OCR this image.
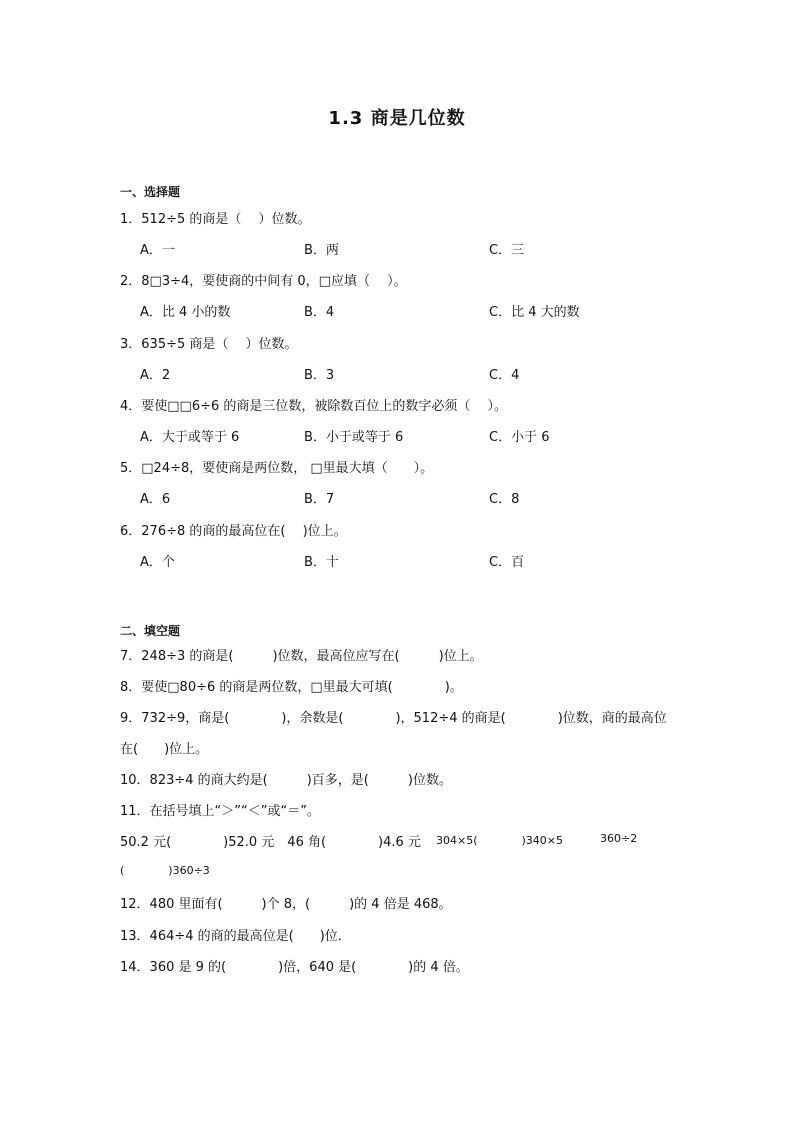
1.3 商是几位数
一、选择题
1．512÷5 的商是（　 ）位数。
A．一	B．两	C．三
2．8□3÷4，要使商的中间有 0，□应填（　 ）。
A．比 4 小的数	B．4	C．比 4 大的数
3．635÷5 商是（　 ）位数。
A．2	B．3	C．4
4．要使□□6÷6 的商是三位数，被除数百位上的数字必须（　 ）。
A．大于或等于 6	B．小于或等于 6	C．小于 6
5．□24÷8，要使商是两位数， □里最大填（　　）。
A．6	B．7	C．8
6．276÷8 的商的最高位在(　 )位上。
A．个	B．十	C．百
二、填空题
7．248÷3 的商是(　　　)位数，最高位应写在(　　　)位上。
8．要使□80÷6 的商是两位数，□里最大可填(　　　　)。
9．732÷9，商是(　　　　)，余数是(　　　　)，512÷4 的商是(　　　　)位数，商的最高位
在(　　)位上。
10．823÷4 的商大约是(　　　)百多，是(　　　)位数。
11．在括号填上“＞”“＜”或“＝”。
50.2 元(　　　　)52.0 元　46 角(　　　　)4.6 元 304×5(　　　　)340×5	360÷2
(　　　　)360÷3
12．480 里面有(　　　)个 8，(　　　)的 4 倍是 468。
13．464÷4 的商的最高位是(　　)位．
14．360 是 9 的(　　　　)倍，640 是(　　　　)的 4 倍。
